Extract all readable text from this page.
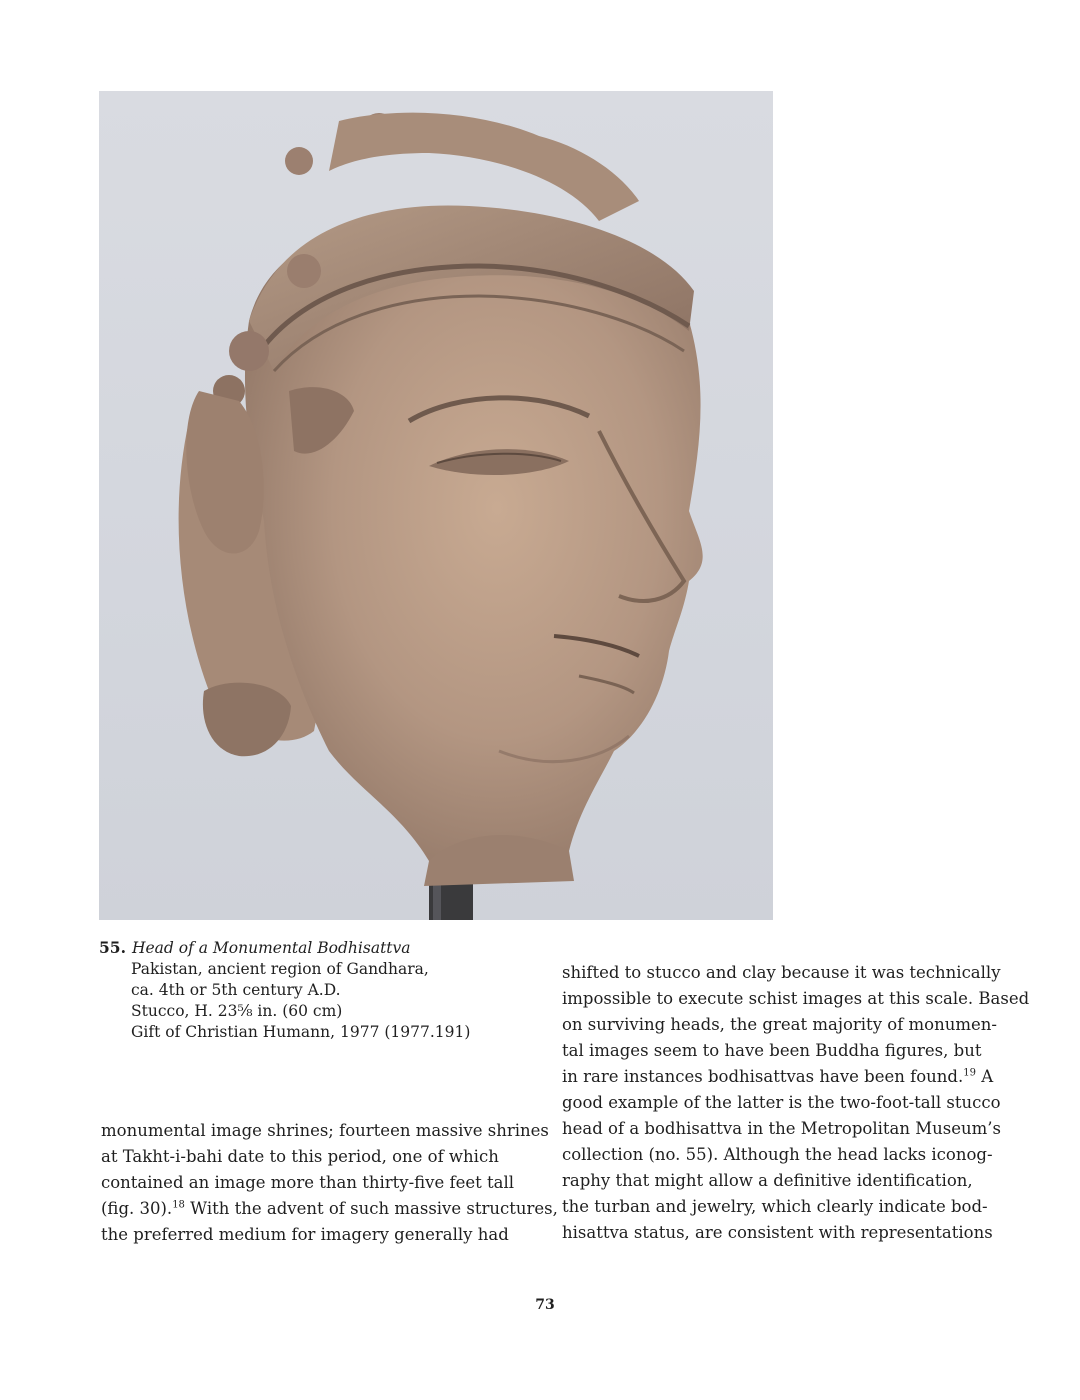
55. Head of a Monumental Bodhisattva
Pakistan, ancient region of Gandhara,
ca. 4th or 5th century A.D.
Stucco, H. 23⅝ in. (60 cm)
Gift of Christian Humann, 1977 (1977.191)

monumental image shrines; fourteen massive shrines

at Takht-i-bahi date to this period, one of which

contained an image more than thirty-five feet tall

(fig. 30).$^{18}$ With the advent of such massive structures,

the preferred medium for imagery generally had

shifted to stucco and clay because it was technically

impossible to execute schist images at this scale. Based

on surviving heads, the great majority of monumen-

tal images seem to have been Buddha figures, but

in rare instances bodhisattvas have been found.$^{19}$ A

good example of the latter is the two-foot-tall stucco

head of a bodhisattva in the Metropolitan Museum’s

collection (no. 55). Although the head lacks iconog-

raphy that might allow a definitive identification,

the turban and jewelry, which clearly indicate bod-

hisattva status, are consistent with representations

73
